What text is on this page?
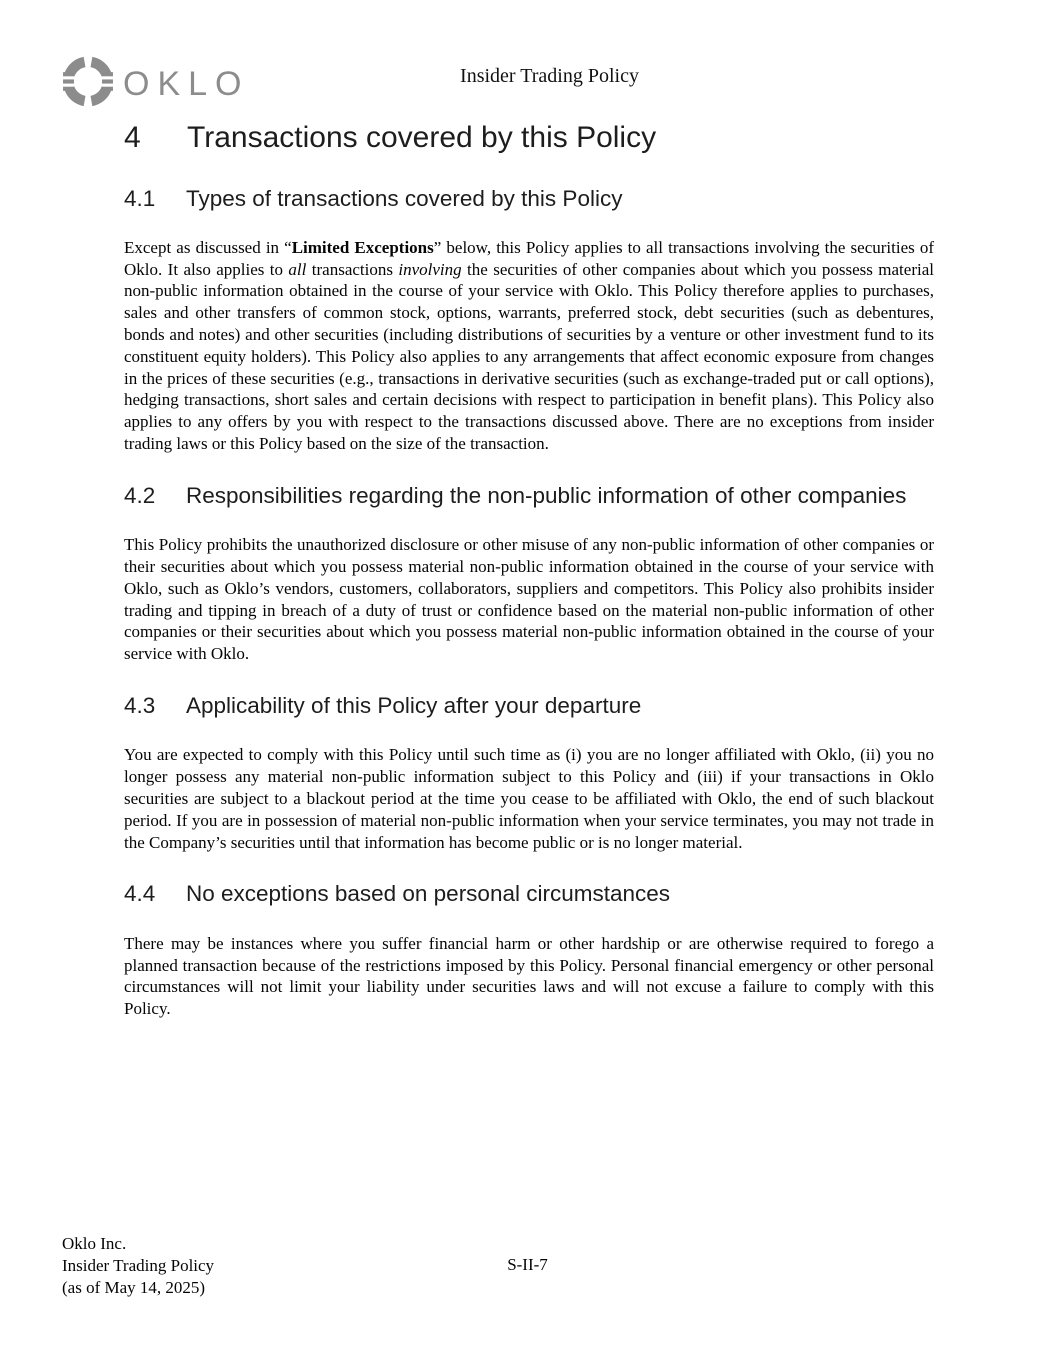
OKLO	Insider Trading Policy
4	Transactions covered by this Policy
4.1	Types of transactions covered by this Policy

Except as discussed in “Limited Exceptions” below, this Policy applies to all transactions involving the securities of Oklo. It also applies to all transactions involving the securities of other companies about which you possess material non-public information obtained in the course of your service with Oklo. This Policy therefore applies to purchases, sales and other transfers of common stock, options, warrants, preferred stock, debt securities (such as debentures, bonds and notes) and other securities (including distributions of securities by a venture or other investment fund to its constituent equity holders). This Policy also applies to any arrangements that affect economic exposure from changes in the prices of these securities (e.g., transactions in derivative securities (such as exchange-traded put or call options), hedging transactions, short sales and certain decisions with respect to participation in benefit plans). This Policy also applies to any offers by you with respect to the transactions discussed above. There are no exceptions from insider trading laws or this Policy based on the size of the transaction.

4.2	Responsibilities regarding the non-public information of other companies

This Policy prohibits the unauthorized disclosure or other misuse of any non-public information of other companies or their securities about which you possess material non-public information obtained in the course of your service with Oklo, such as Oklo’s vendors, customers, collaborators, suppliers and competitors. This Policy also prohibits insider trading and tipping in breach of a duty of trust or confidence based on the material non-public information of other companies or their securities about which you possess material non-public information obtained in the course of your service with Oklo.

4.3	Applicability of this Policy after your departure

You are expected to comply with this Policy until such time as (i) you are no longer affiliated with Oklo, (ii) you no longer possess any material non-public information subject to this Policy and (iii) if your transactions in Oklo securities are subject to a blackout period at the time you cease to be affiliated with Oklo, the end of such blackout period. If you are in possession of material non-public information when your service terminates, you may not trade in the Company’s securities until that information has become public or is no longer material.

4.4	No exceptions based on personal circumstances

There may be instances where you suffer financial harm or other hardship or are otherwise required to forego a planned transaction because of the restrictions imposed by this Policy. Personal financial emergency or other personal circumstances will not limit your liability under securities laws and will not excuse a failure to comply with this Policy.

Oklo Inc.
Insider Trading Policy
(as of May 14, 2025)
S-II-7
